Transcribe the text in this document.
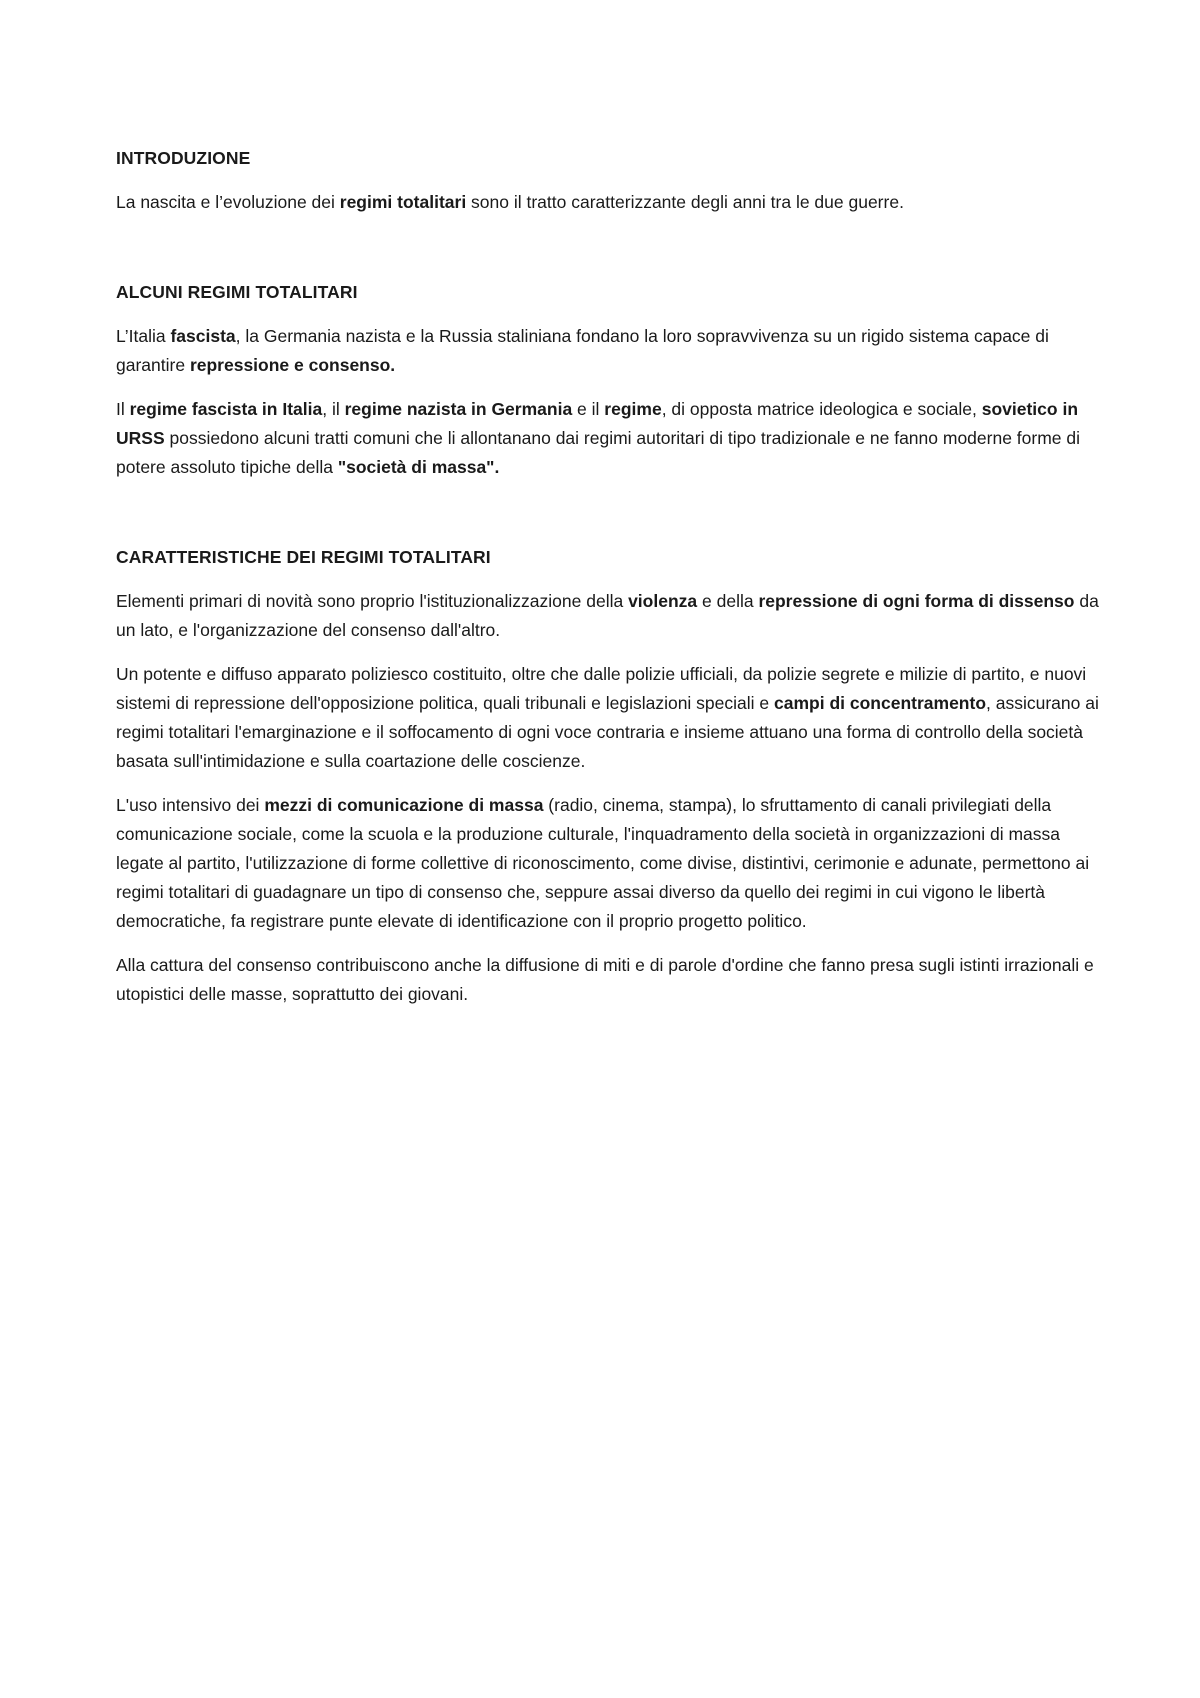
INTRODUZIONE

La nascita e l’evoluzione dei regimi totalitari sono il tratto caratterizzante degli anni tra le due guerre.

ALCUNI REGIMI TOTALITARI

L’Italia fascista, la Germania nazista e la Russia staliniana fondano la loro sopravvivenza su un rigido sistema capace di garantire repressione e consenso.

Il regime fascista in Italia, il regime nazista in Germania e il regime, di opposta matrice ideologica e sociale, sovietico in URSS possiedono alcuni tratti comuni che li allontanano dai regimi autoritari di tipo tradizionale e ne fanno moderne forme di potere assoluto tipiche della "società di massa".

CARATTERISTICHE DEI REGIMI TOTALITARI

Elementi primari di novità sono proprio l'istituzionalizzazione della violenza e della repressione di ogni forma di dissenso da un lato, e l'organizzazione del consenso dall'altro.

Un potente e diffuso apparato poliziesco costituito, oltre che dalle polizie ufficiali, da polizie segrete e milizie di partito, e nuovi sistemi di repressione dell'opposizione politica, quali tribunali e legislazioni speciali e campi di concentramento, assicurano ai regimi totalitari l'emarginazione e il soffocamento di ogni voce contraria e insieme attuano una forma di controllo della società basata sull'intimidazione e sulla coartazione delle coscienze.

L'uso intensivo dei mezzi di comunicazione di massa (radio, cinema, stampa), lo sfruttamento di canali privilegiati della comunicazione sociale, come la scuola e la produzione culturale, l'inquadramento della società in organizzazioni di massa legate al partito, l'utilizzazione di forme collettive di riconoscimento, come divise, distintivi, cerimonie e adunate, permettono ai regimi totalitari di guadagnare un tipo di consenso che, seppure assai diverso da quello dei regimi in cui vigono le libertà democratiche, fa registrare punte elevate di identificazione con il proprio progetto politico.

Alla cattura del consenso contribuiscono anche la diffusione di miti e di parole d'ordine che fanno presa sugli istinti irrazionali e utopistici delle masse, soprattutto dei giovani.
